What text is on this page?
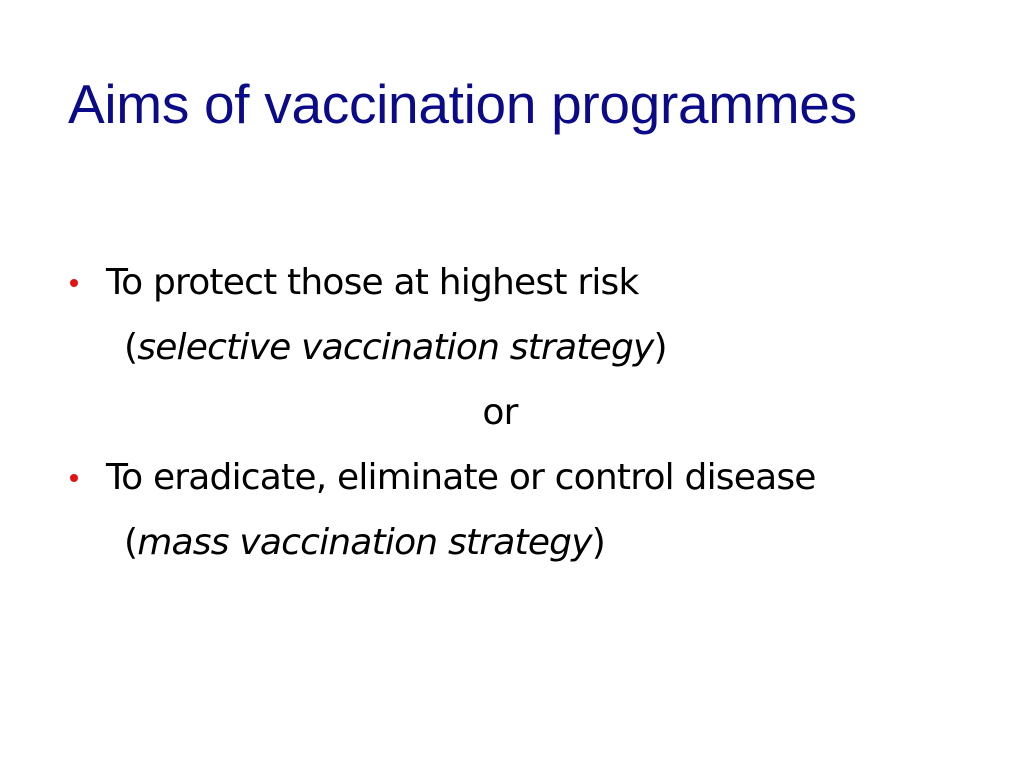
Aims of vaccination programmes
To protect those at highest risk
(selective vaccination strategy)
or
To eradicate, eliminate or control disease
(mass vaccination strategy)
